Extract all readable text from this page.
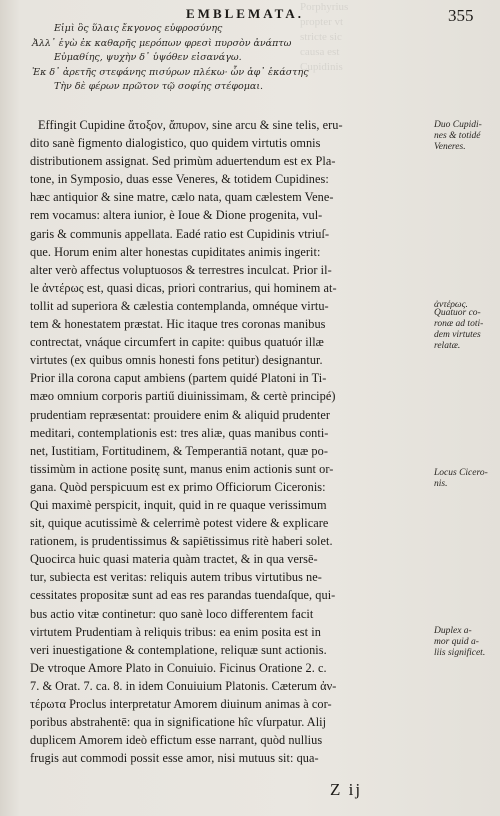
Porphyrius
propter vt
stricte sic
causa est
Cupidinis
EMBLEMATA.	355
Εἰμὶ ὃς ὕλαις ἔκγονος εὐφροσύνης
Ἀλλ᾽ ἐγὼ ἐκ καθαρῆς μερόπων φρεσὶ πυρσὸν ἀνάπτω
Εὐμαθίης, ψυχὴν δ᾽ ὑψόθεν εἰσανάγω.
Ἐκ δ᾽ ἀρετῆς στεφάνης πισύρων πλέκω· ὧν ἀφ᾽ ἑκάστης
Τὴν δὲ φέρων πρῶτον τῷ σοφίης στέφομαι.
Effingit Cupidine ἄτοξον, ἄπυρον, sine arcu & sine telis, eru-
dito sanè figmento dialogistico, quo quidem virtutis omnis
distributionem assignat. Sed primùm aduertendum est ex Pla-
tone, in Symposio, duas esse Veneres, & totidem Cupidines:
hæc antiquior & sine matre, cælo nata, quam cælestem Vene-
rem vocamus: altera iunior, è Ioue & Dione progenita, vul-
garis & communis appellata. Eadé ratio est Cupidinis vtriuſ-
que. Horum enim alter honestas cupiditates animis ingerit:
alter verò affectus voluptuosos & terrestres inculcat. Prior il-
le ἀντέρως est, quasi dicas, priori contrarius, qui hominem at-
tollit ad superiora & cælestia contemplanda, omnéque virtu-
tem & honestatem præstat. Hic itaque tres coronas manibus
contrectat, vnáque circumfert in capite: quibus quatuór illæ
virtutes (ex quibus omnis honesti fons petitur) designantur.
Prior illa corona caput ambiens (partem quidé Platoni in Ti-
mæo omnium corporis partiű diuinissimam, & certè principé)
prudentiam repræsentat: prouidere enim & aliquid prudenter
meditari, contemplationis est: tres aliæ, quas manibus conti-
net, Iustitiam, Fortitudinem, & Temperantiā notant, quæ po-
tissimùm in actione positę sunt, manus enim actionis sunt or-
gana. Quòd perspicuum est ex primo Officiorum Ciceronis:
Qui maximè perspicit, inquit, quid in re quaque verissimum
sit, quique acutissimè & celerrimè potest videre & explicare
rationem, is prudentissimus & sapiētissimus ritè haberi solet.
Quocirca huic quasi materia quàm tractet, & in qua versē-
tur, subiecta est veritas: reliquis autem tribus virtutibus ne-
cessitates propositæ sunt ad eas res parandas tuendaſque, qui-
bus actio vitæ continetur: quo sanè loco differentem facit
virtutem Prudentiam à reliquis tribus: ea enim posita est in
veri inuestigatione & contemplatione, reliquæ sunt actionis.
De vtroque Amore Plato in Conuiuio. Ficinus Oratione 2. c.
7. & Orat. 7. ca. 8. in idem Conuiuium Platonis. Cæterum ἀν-
τέρωτα Proclus interpretatur Amorem diuinum animas à cor-
poribus abstrahentē: qua in significatione hîc vſurpatur. Alij
duplicem Amorem ideò effictum esse narrant, quòd nullius
frugis aut commodi possit esse amor, nisi mutuus sit: qua-
Z ij
Duo Cupidi-
nes & totidé
Veneres.
ἀντέρως.
Quatuor co-
ronæ ad toti-
dem virtutes
relatæ.
Locus Cicero-
nis.
Duplex a-
mor quid a-
liis significet.
